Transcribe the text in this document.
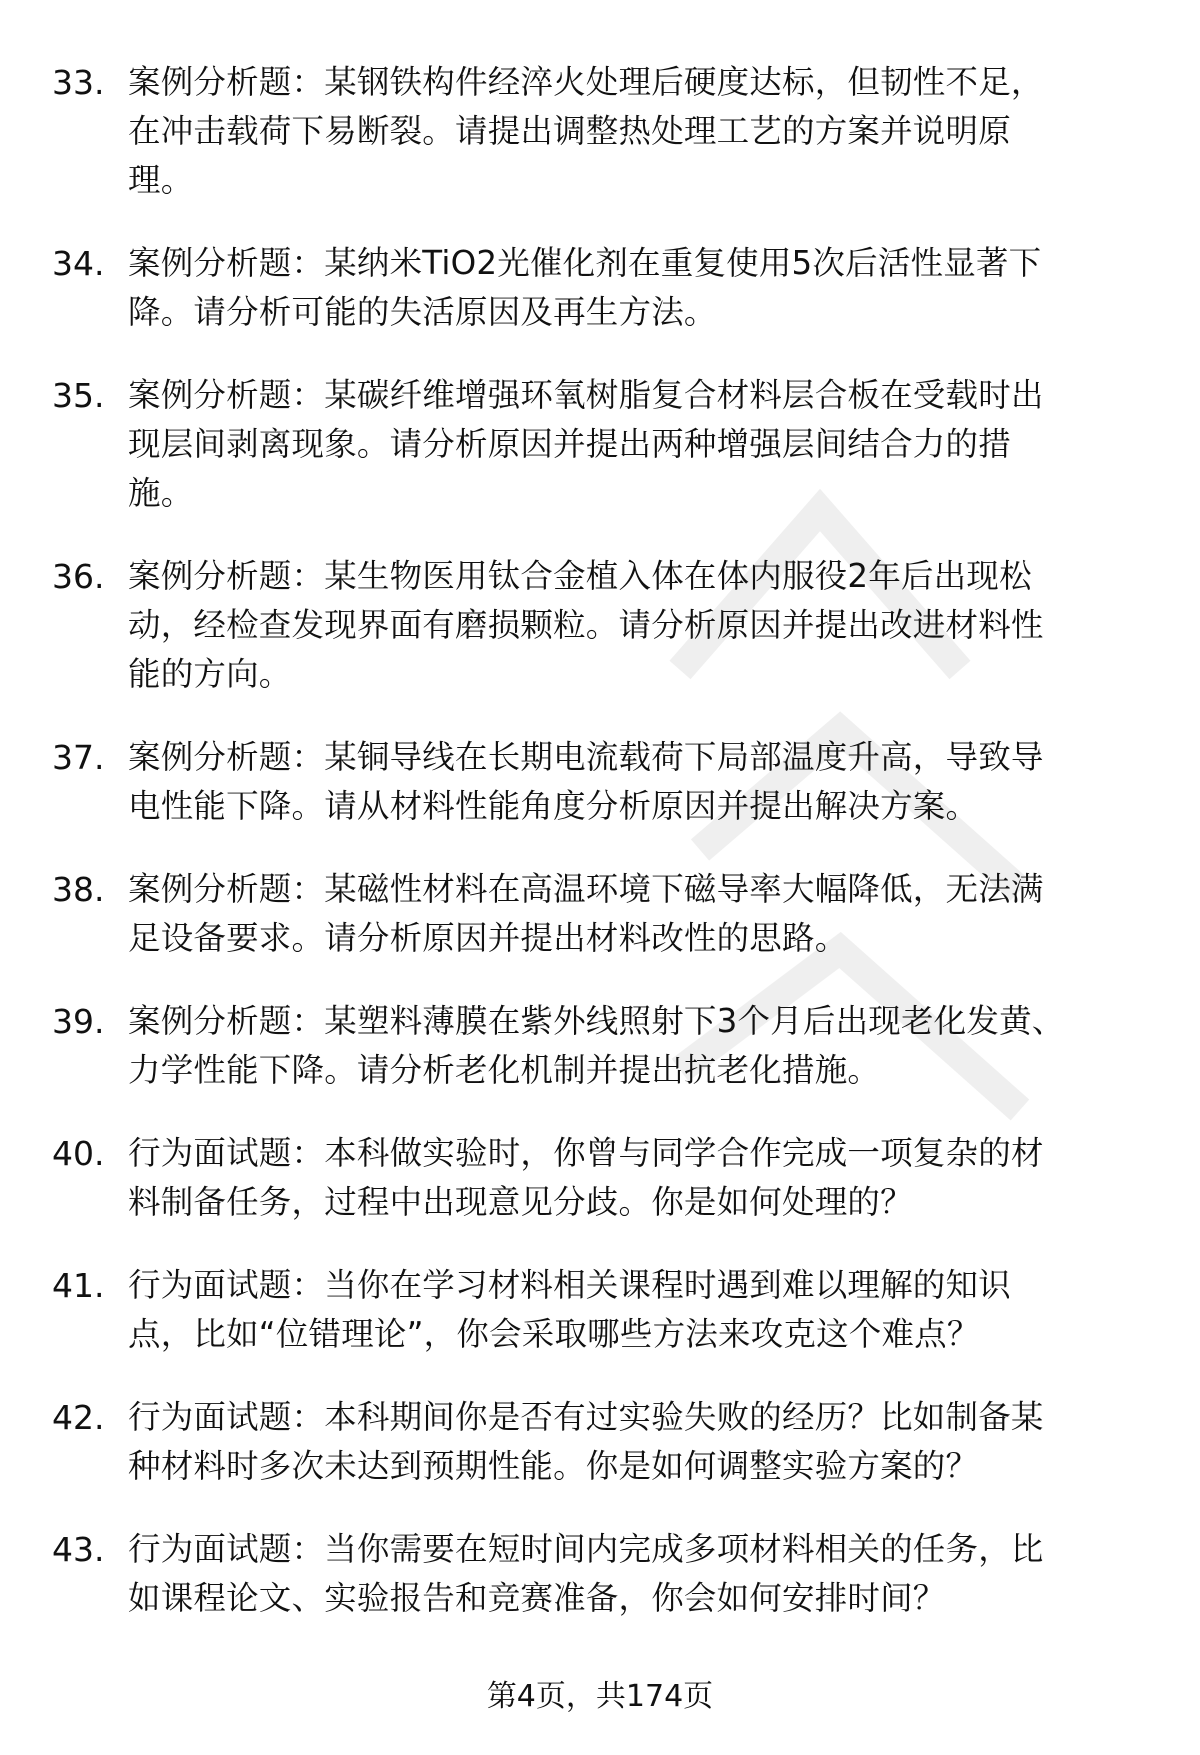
33. 案例分析题：某钢铁构件经淬火处理后硬度达标，但韧性不足，
在冲击载荷下易断裂。请提出调整热处理工艺的方案并说明原
理。
34. 案例分析题：某纳米TiO2光催化剂在重复使用5次后活性显著下
降。请分析可能的失活原因及再生方法。
35. 案例分析题：某碳纤维增强环氧树脂复合材料层合板在受载时出
现层间剥离现象。请分析原因并提出两种增强层间结合力的措
施。
36. 案例分析题：某生物医用钛合金植入体在体内服役2年后出现松
动，经检查发现界面有磨损颗粒。请分析原因并提出改进材料性
能的方向。
37. 案例分析题：某铜导线在长期电流载荷下局部温度升高，导致导
电性能下降。请从材料性能角度分析原因并提出解决方案。
38. 案例分析题：某磁性材料在高温环境下磁导率大幅降低，无法满
足设备要求。请分析原因并提出材料改性的思路。
39. 案例分析题：某塑料薄膜在紫外线照射下3个月后出现老化发黄、
力学性能下降。请分析老化机制并提出抗老化措施。
40. 行为面试题：本科做实验时，你曾与同学合作完成一项复杂的材
料制备任务，过程中出现意见分歧。你是如何处理的？
41. 行为面试题：当你在学习材料相关课程时遇到难以理解的知识
点，比如“位错理论”，你会采取哪些方法来攻克这个难点？
42. 行为面试题：本科期间你是否有过实验失败的经历？比如制备某
种材料时多次未达到预期性能。你是如何调整实验方案的？
43. 行为面试题：当你需要在短时间内完成多项材料相关的任务，比
如课程论文、实验报告和竞赛准备，你会如何安排时间？
第4页，共174页
